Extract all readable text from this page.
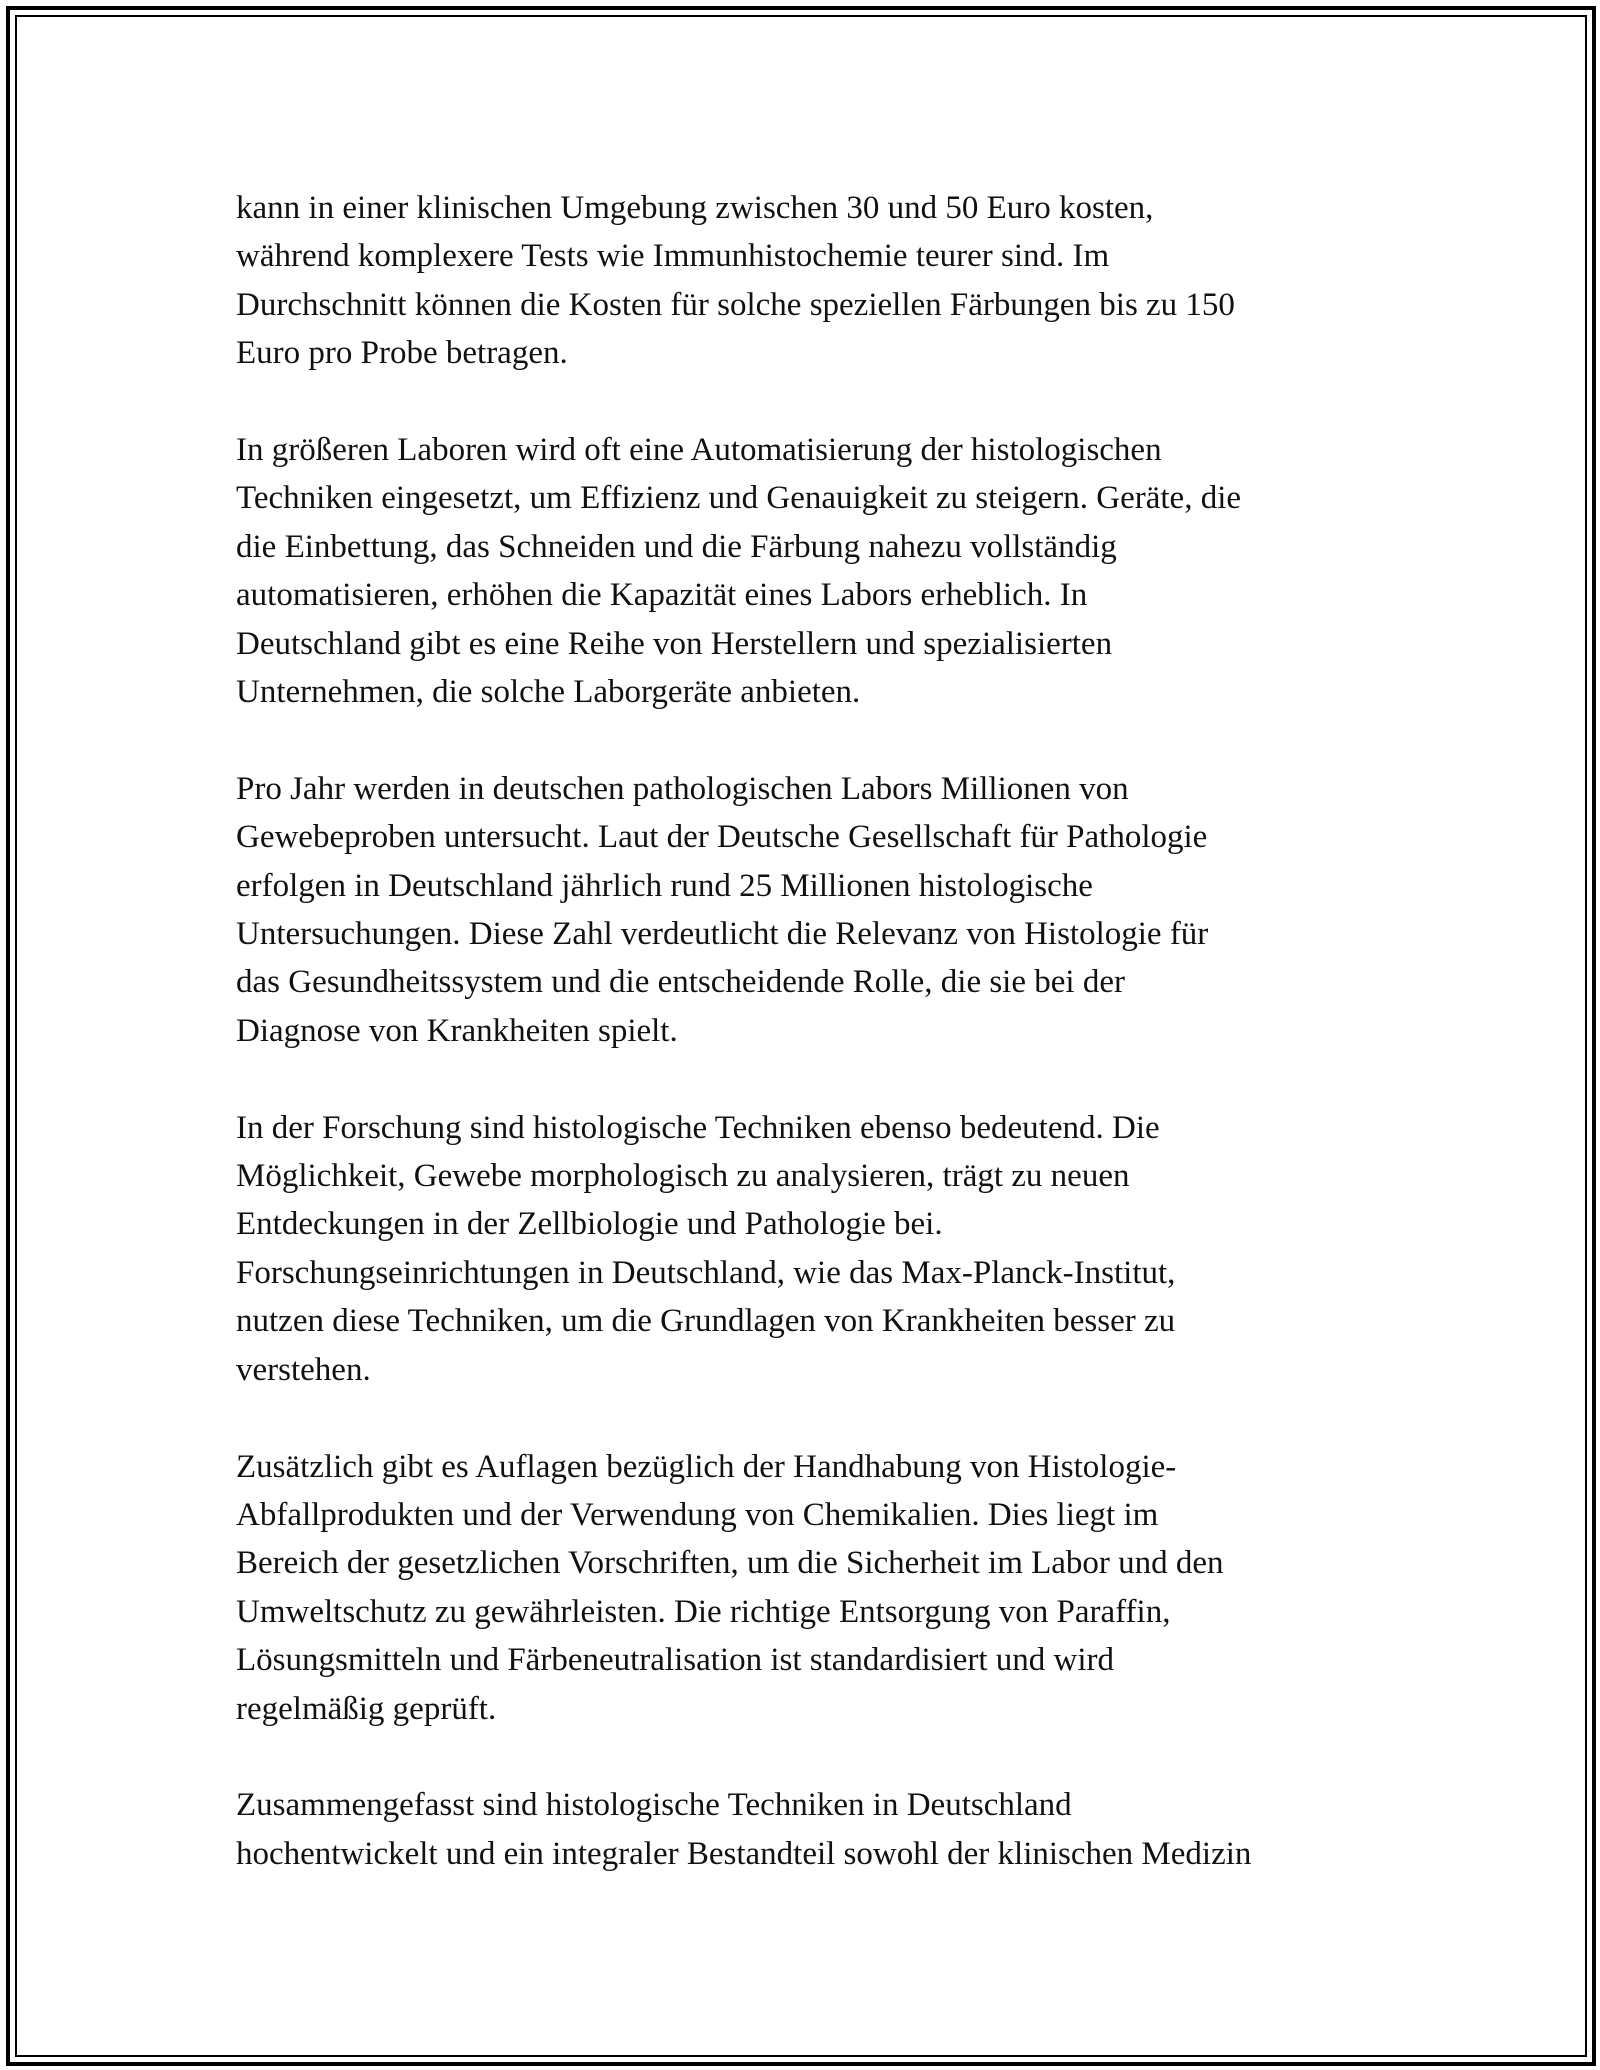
kann in einer klinischen Umgebung zwischen 30 und 50 Euro kosten,
während komplexere Tests wie Immunhistochemie teurer sind. Im
Durchschnitt können die Kosten für solche speziellen Färbungen bis zu 150
Euro pro Probe betragen.

In größeren Laboren wird oft eine Automatisierung der histologischen
Techniken eingesetzt, um Effizienz und Genauigkeit zu steigern. Geräte, die
die Einbettung, das Schneiden und die Färbung nahezu vollständig
automatisieren, erhöhen die Kapazität eines Labors erheblich. In
Deutschland gibt es eine Reihe von Herstellern und spezialisierten
Unternehmen, die solche Laborgeräte anbieten.

Pro Jahr werden in deutschen pathologischen Labors Millionen von
Gewebeproben untersucht. Laut der Deutsche Gesellschaft für Pathologie
erfolgen in Deutschland jährlich rund 25 Millionen histologische
Untersuchungen. Diese Zahl verdeutlicht die Relevanz von Histologie für
das Gesundheitssystem und die entscheidende Rolle, die sie bei der
Diagnose von Krankheiten spielt.

In der Forschung sind histologische Techniken ebenso bedeutend. Die
Möglichkeit, Gewebe morphologisch zu analysieren, trägt zu neuen
Entdeckungen in der Zellbiologie und Pathologie bei.
Forschungseinrichtungen in Deutschland, wie das Max-Planck-Institut,
nutzen diese Techniken, um die Grundlagen von Krankheiten besser zu
verstehen.

Zusätzlich gibt es Auflagen bezüglich der Handhabung von Histologie-
Abfallprodukten und der Verwendung von Chemikalien. Dies liegt im
Bereich der gesetzlichen Vorschriften, um die Sicherheit im Labor und den
Umweltschutz zu gewährleisten. Die richtige Entsorgung von Paraffin,
Lösungsmitteln und Färbeneutralisation ist standardisiert und wird
regelmäßig geprüft.

Zusammengefasst sind histologische Techniken in Deutschland
hochentwickelt und ein integraler Bestandteil sowohl der klinischen Medizin
